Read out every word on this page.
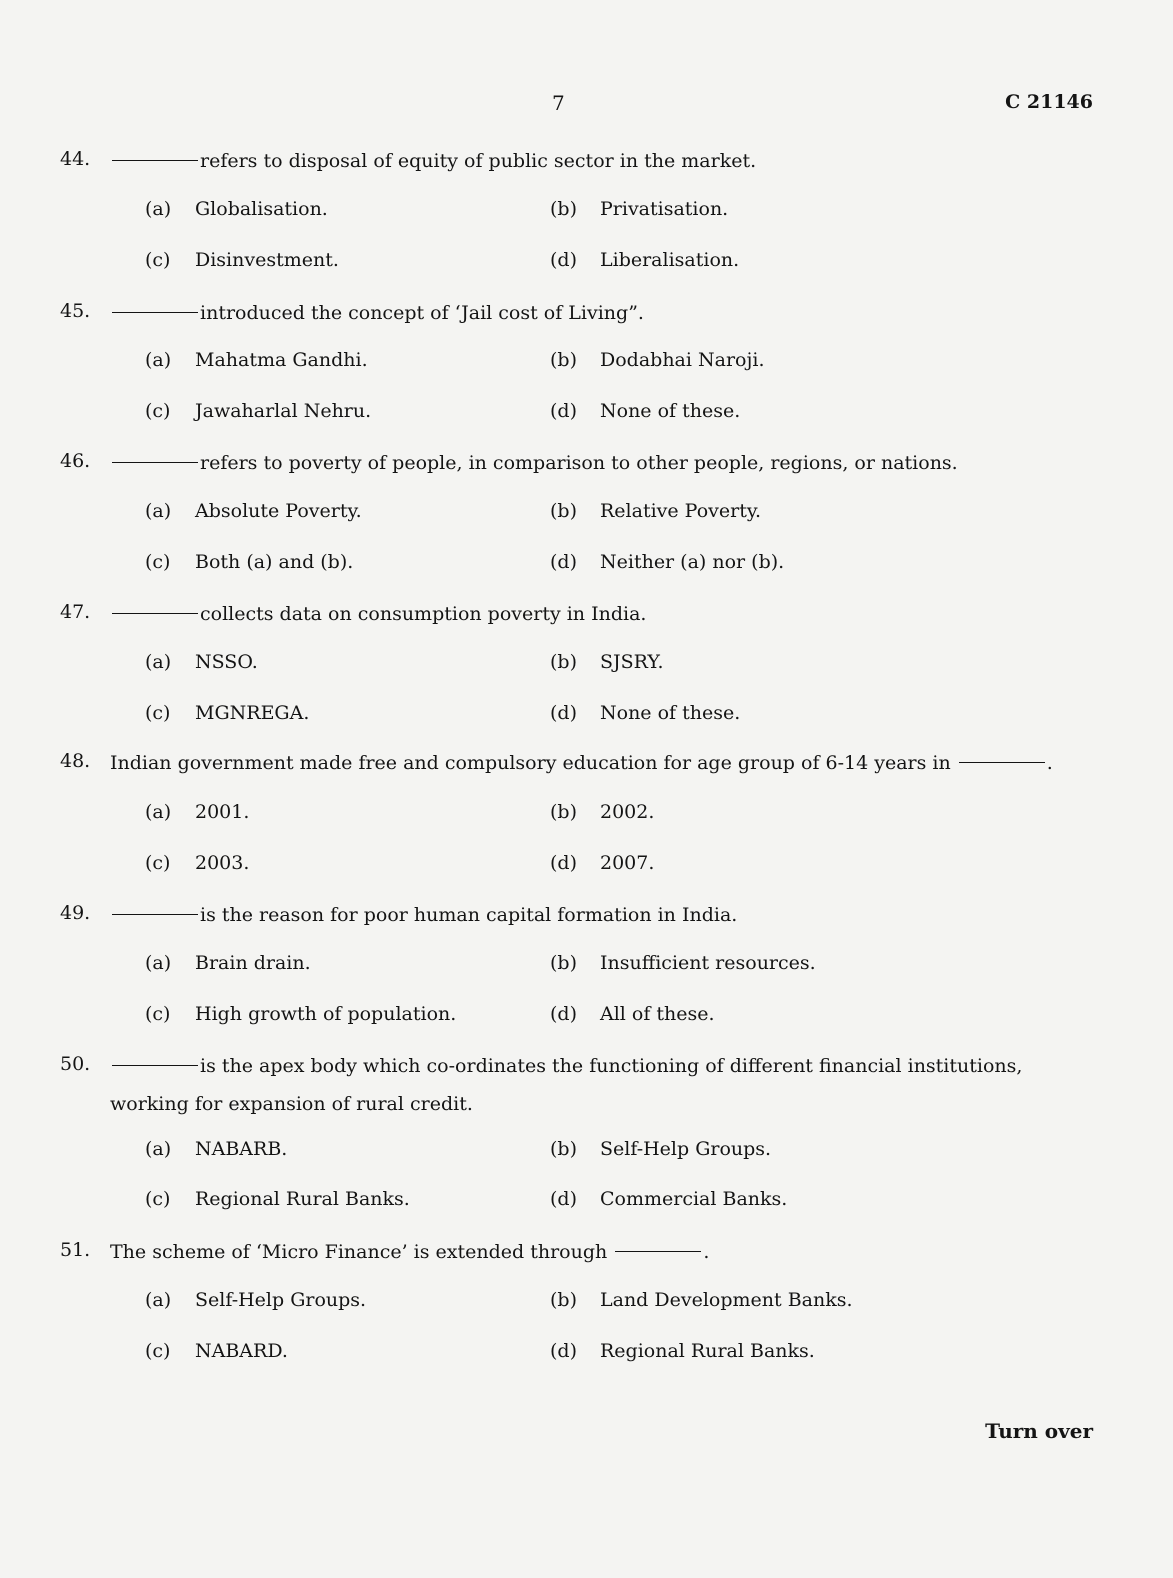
7	C 21146
44.	refers to disposal of equity of public sector in the market.
(a) Globalisation.	(b) Privatisation.
(c) Disinvestment.	(d) Liberalisation.
45.	introduced the concept of ‘Jail cost of Living”.
(a) Mahatma Gandhi.	(b) Dodabhai Naroji.
(c) Jawaharlal Nehru.	(d) None of these.
46.	refers to poverty of people, in comparison to other people, regions, or nations.
(a) Absolute Poverty.	(b) Relative Poverty.
(c) Both (a) and (b).	(d) Neither (a) nor (b).
47.	collects data on consumption poverty in India.
(a) NSSO.	(b) SJSRY.
(c) MGNREGA.	(d) None of these.
48. Indian government made free and compulsory education for age group of 6-14 years in	.
(a) 2001.	(b) 2002.
(c) 2003.	(d) 2007.
49.	is the reason for poor human capital formation in India.
(a) Brain drain.	(b) Insufficient resources.
(c) High growth of population.	(d) All of these.
50.	is the apex body which co-ordinates the functioning of different financial institutions, working for expansion of rural credit.
(a) NABARB.	(b) Self-Help Groups.
(c) Regional Rural Banks.	(d) Commercial Banks.
51. The scheme of ‘Micro Finance’ is extended through	.
(a) Self-Help Groups.	(b) Land Development Banks.
(c) NABARD.	(d) Regional Rural Banks.
Turn over
